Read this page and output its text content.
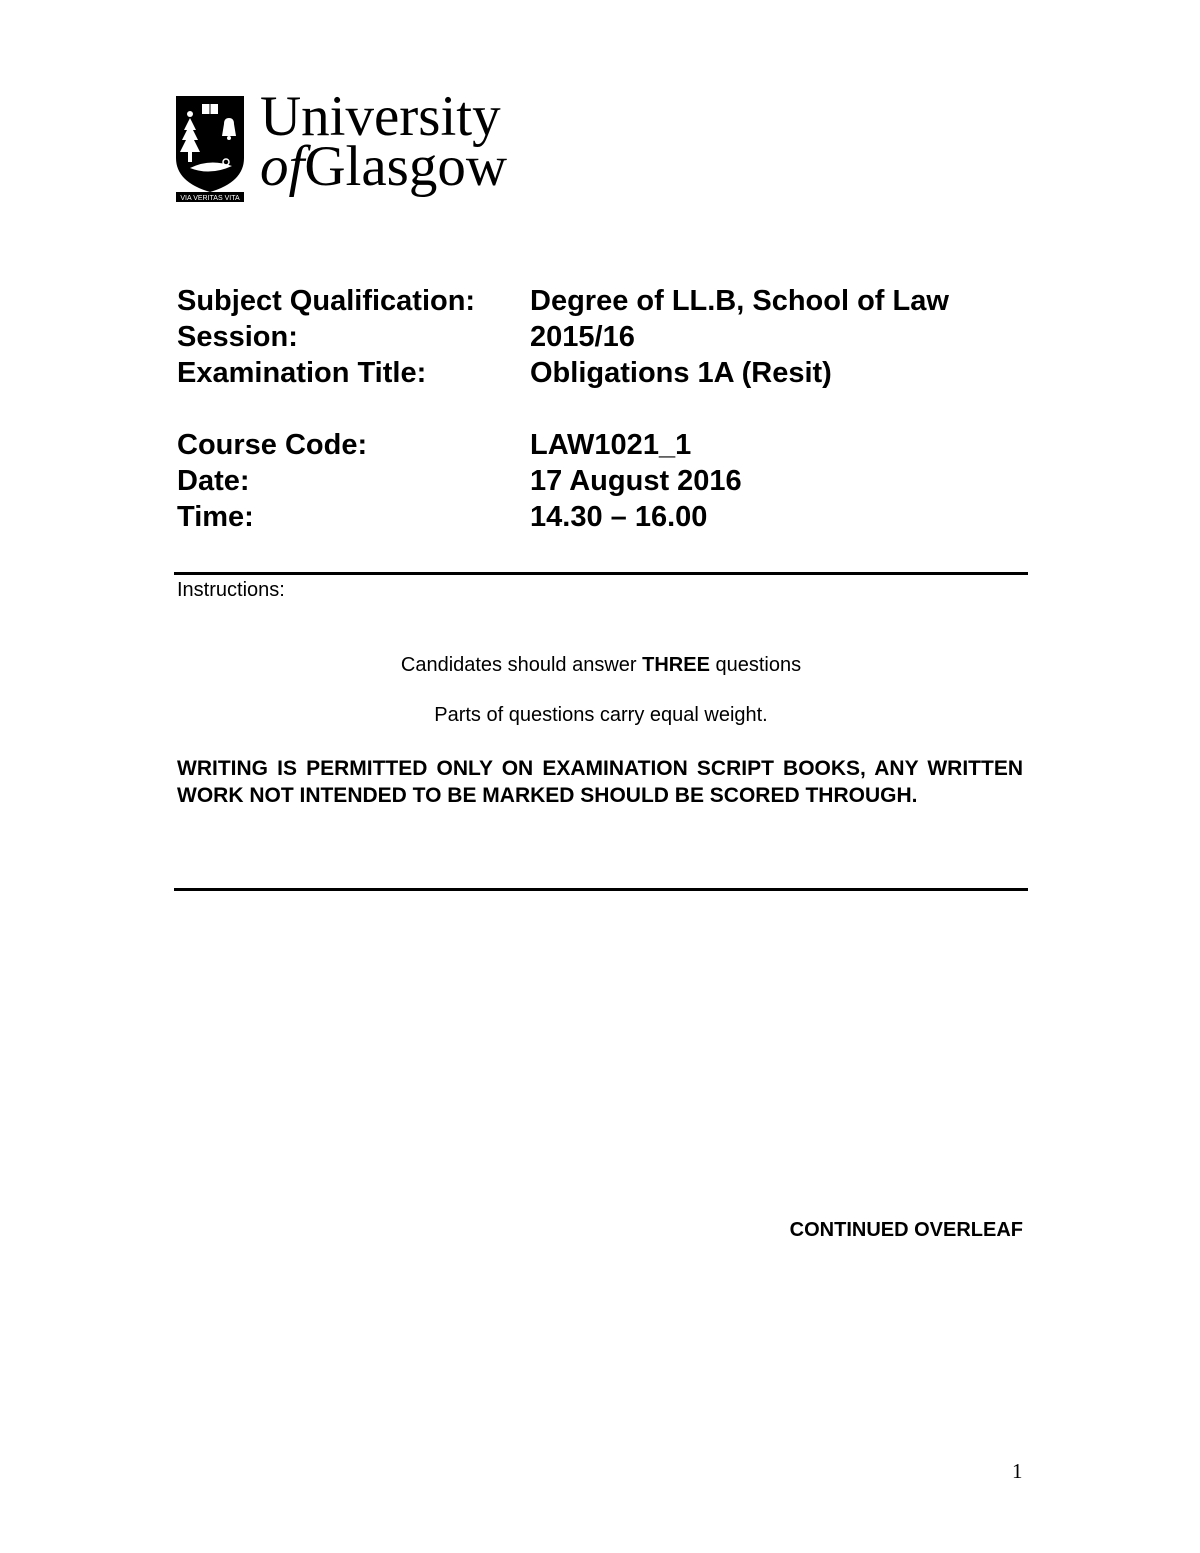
VIA VERITAS VITA
University
ofGlasgow
Subject Qualification: Degree of LL.B, School of Law
Session:	2015/16
Examination Title:	Obligations 1A (Resit)
Course Code:	LAW1021_1
Date:	17 August 2016
Time:	14.30 – 16.00
Instructions:
Candidates should answer THREE questions
Parts of questions carry equal weight.
WRITING IS PERMITTED ONLY ON EXAMINATION SCRIPT BOOKS, ANY WRITTEN WORK NOT INTENDED TO BE MARKED SHOULD BE SCORED THROUGH.
CONTINUED OVERLEAF
1
